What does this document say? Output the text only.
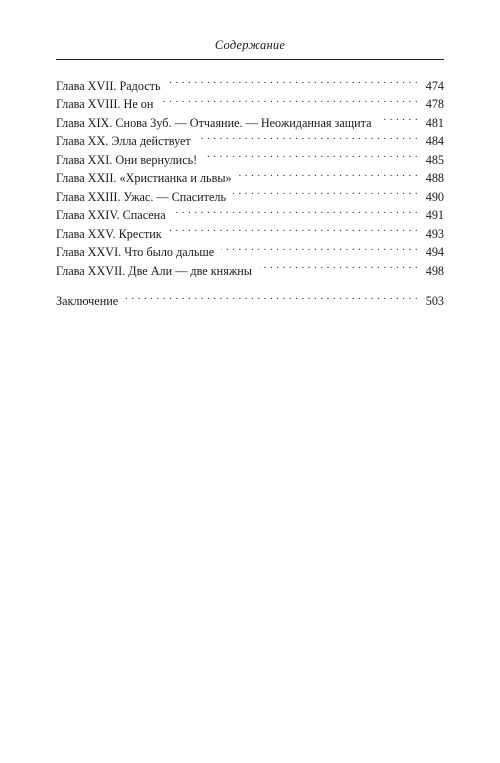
Содержание
Глава XVII. Радость . . .	474
Глава XVIII. Не он . . .	478
Глава XIX. Снова Зуб. — Отчаяние. — Неожиданная защита . . .	481
Глава XX. Элла действует . . .	484
Глава XXI. Они вернулись! . . .	485
Глава XXII. «Христианка и львы» . . .	488
Глава XXIII. Ужас. — Спаситель . . .	490
Глава XXIV. Спасена . . .	491
Глава XXV. Крестик . . .	493
Глава XXVI. Что было дальше . . .	494
Глава XXVII. Две Али — две княжны . . .	498
Заключение . . .	503
